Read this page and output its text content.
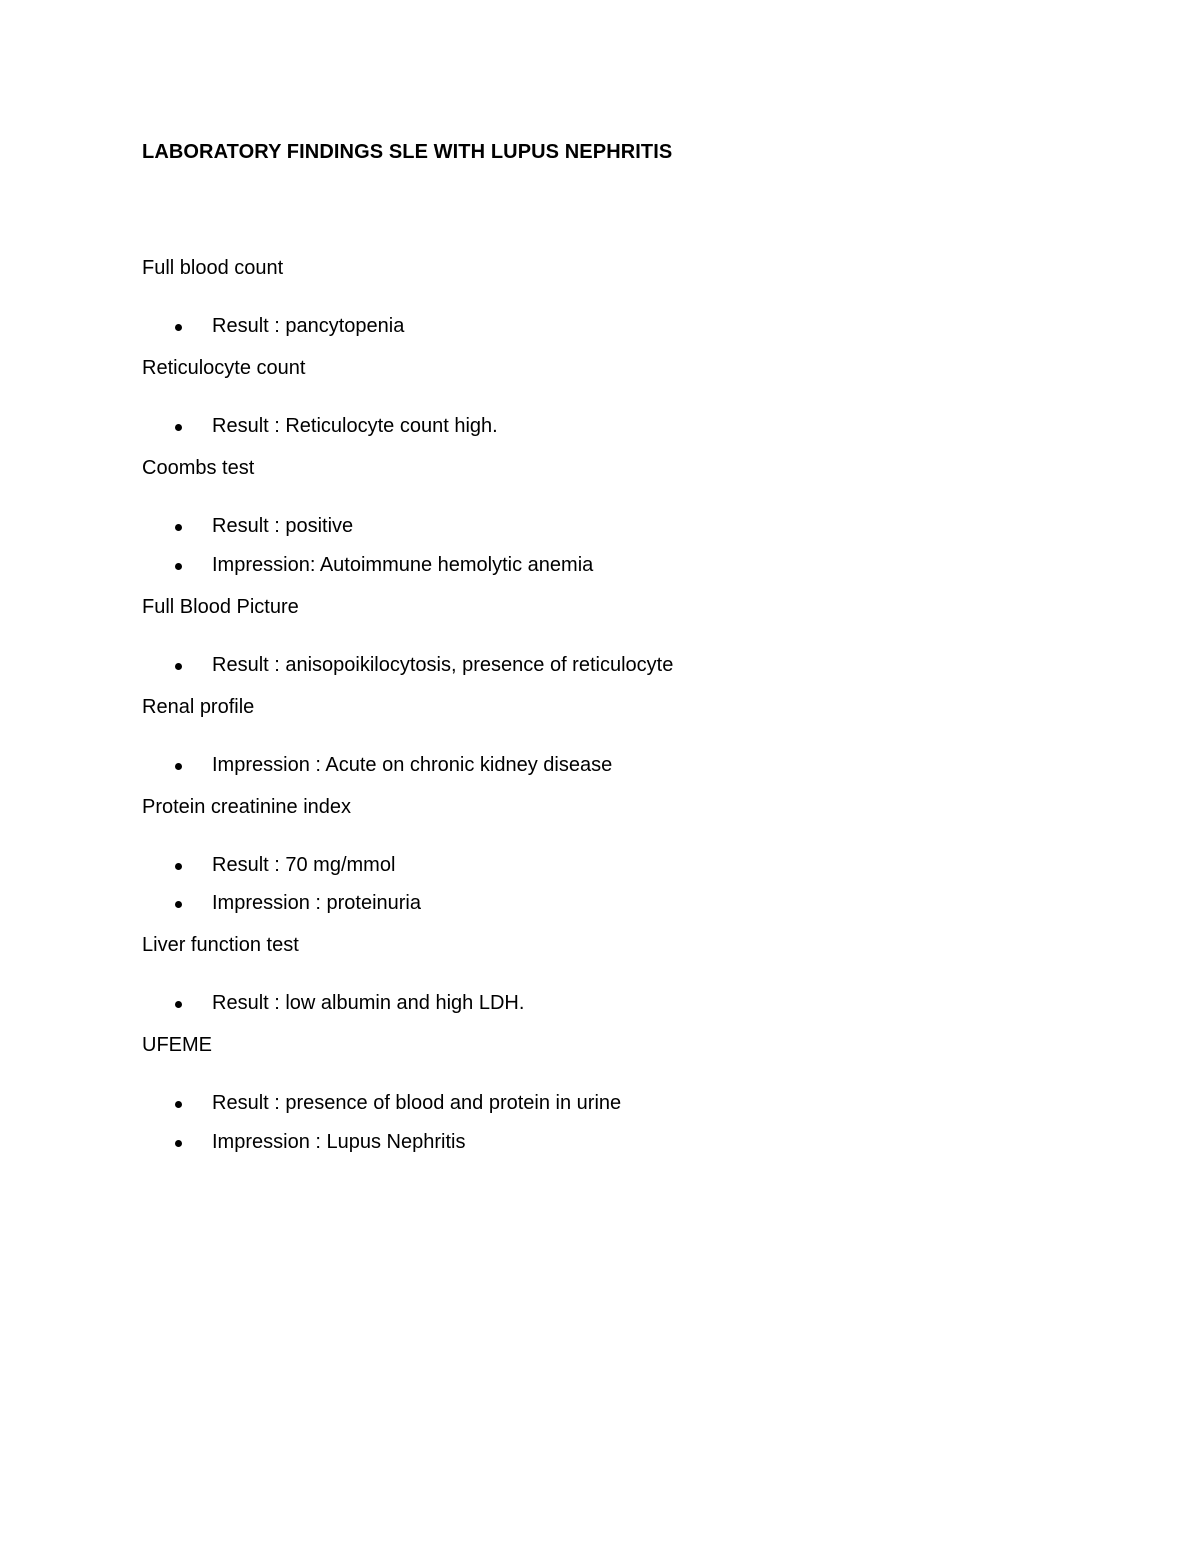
LABORATORY FINDINGS SLE WITH LUPUS NEPHRITIS

Full blood count

Result : pancytopenia

Reticulocyte count

Result : Reticulocyte count high.

Coombs test

Result : positive
Impression: Autoimmune hemolytic anemia

Full Blood Picture

Result : anisopoikilocytosis, presence of reticulocyte

Renal profile

Impression : Acute on chronic kidney disease

Protein creatinine index

Result : 70 mg/mmol
Impression : proteinuria

Liver function test

Result : low albumin and high LDH.

UFEME

Result : presence of blood and protein in urine
Impression : Lupus Nephritis
